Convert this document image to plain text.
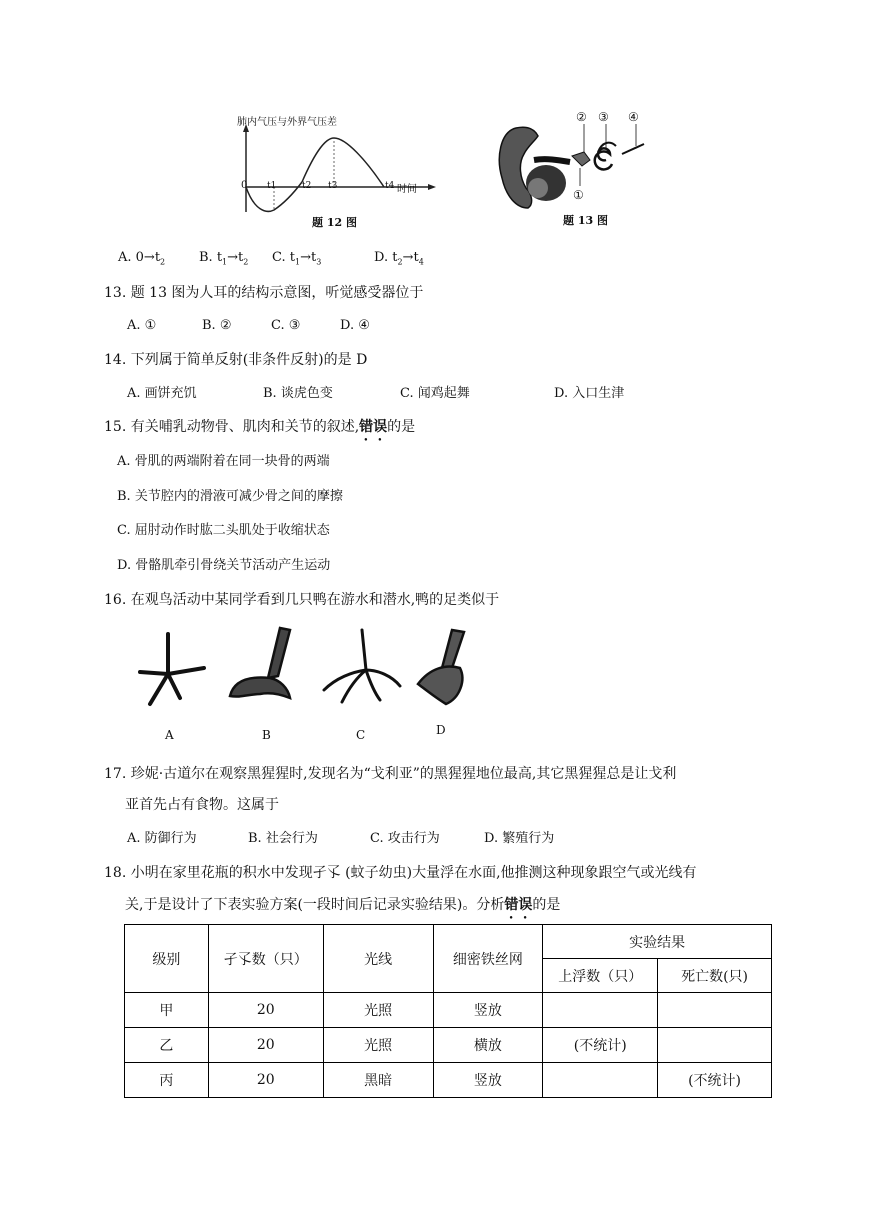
肺内气压与外界气压差
0 t1	t2 t3	t4 时间
题 12 图
② ③ ④
①
题 13 图
A. $0\to t_2$	B. $t_1\to t_2$ C. $t_1\to t_3$	D. $t_2\to t_4$
13. 题 13 图为人耳的结构示意图，听觉感受器位于
A. ①	B. ②	C. ③	D. ④
14. 下列属于简单反射(非条件反射)的是 D
A. 画饼充饥	B. 谈虎色变	C. 闻鸡起舞	D. 入口生津
15. 有关哺乳动物骨、肌肉和关节的叙述,错误的是
A. 骨肌的两端附着在同一块骨的两端
B. 关节腔内的滑液可减少骨之间的摩擦
C. 屈肘动作时肱二头肌处于收缩状态
D. 骨骼肌牵引骨绕关节活动产生运动
16. 在观鸟活动中某同学看到几只鸭在游水和潜水,鸭的足类似于
A	B	C	D
17. 珍妮·古道尔在观察黑猩猩时,发现名为“戈利亚”的黑猩猩地位最高,其它黑猩猩总是让戈利
亚首先占有食物。这属于
A. 防御行为	B. 社会行为	C. 攻击行为	D. 繁殖行为
18. 小明在家里花瓶的积水中发现孑孓 (蚊子幼虫)大量浮在水面,他推测这种现象跟空气或光线有
关,于是设计了下表实验方案(一段时间后记录实验结果)。分析错误的是
级别	孑孓数（只）	光线	细密铁丝网	实验结果	
				上浮数（只）	死亡数(只)
甲	20	光照	竖放		
乙	20	光照	横放	(不统计)	
丙	20	黑暗	竖放		(不统计)
